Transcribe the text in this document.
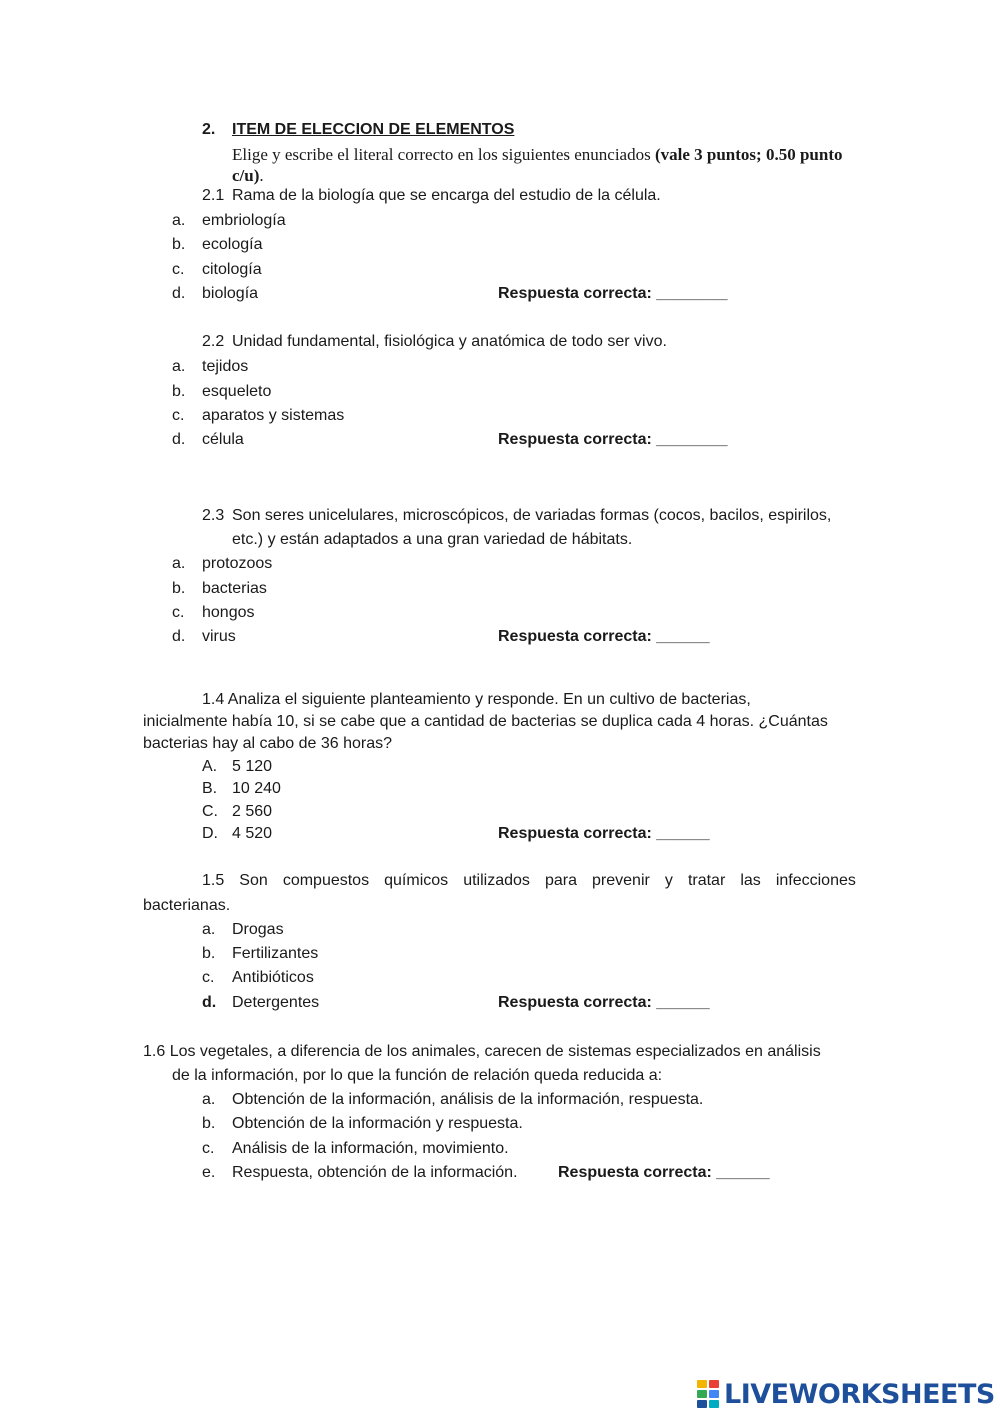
2. ITEM DE ELECCION DE ELEMENTOS
Elige y escribe el literal correcto en los siguientes enunciados (vale 3 puntos; 0.50 punto
c/u).
2.1 Rama de la biología que se encarga del estudio de la célula.
a. embriología
b. ecología
c. citología
d. biología	Respuesta correcta: ________
2.2 Unidad fundamental, fisiológica y anatómica de todo ser vivo.
a. tejidos
b. esqueleto
c. aparatos y sistemas
d. célula	Respuesta correcta: ________
2.3 Son seres unicelulares, microscópicos, de variadas formas (cocos, bacilos, espirilos,
etc.) y están adaptados a una gran variedad de hábitats.
a. protozoos
b. bacterias
c. hongos
d. virus	Respuesta correcta: ______
1.4 Analiza el siguiente planteamiento y responde. En un cultivo de bacterias,
inicialmente había 10, si se cabe que a cantidad de bacterias se duplica cada 4 horas. ¿Cuántas
bacterias hay al cabo de 36 horas?
A. 5 120
B. 10 240
C. 2 560
D. 4 520	Respuesta correcta: ______
1.5 Son compuestos químicos utilizados para prevenir y tratar las infecciones
bacterianas.
a. Drogas
b. Fertilizantes
c. Antibióticos
d. Detergentes	Respuesta correcta: ______
1.6 Los vegetales, a diferencia de los animales, carecen de sistemas especializados en análisis
de la información, por lo que la función de relación queda reducida a:
a. Obtención de la información, análisis de la información, respuesta.
b. Obtención de la información y respuesta.
c. Análisis de la información, movimiento.
e. Respuesta, obtención de la información.	Respuesta correcta: ______
LIVEWORKSHEETS
